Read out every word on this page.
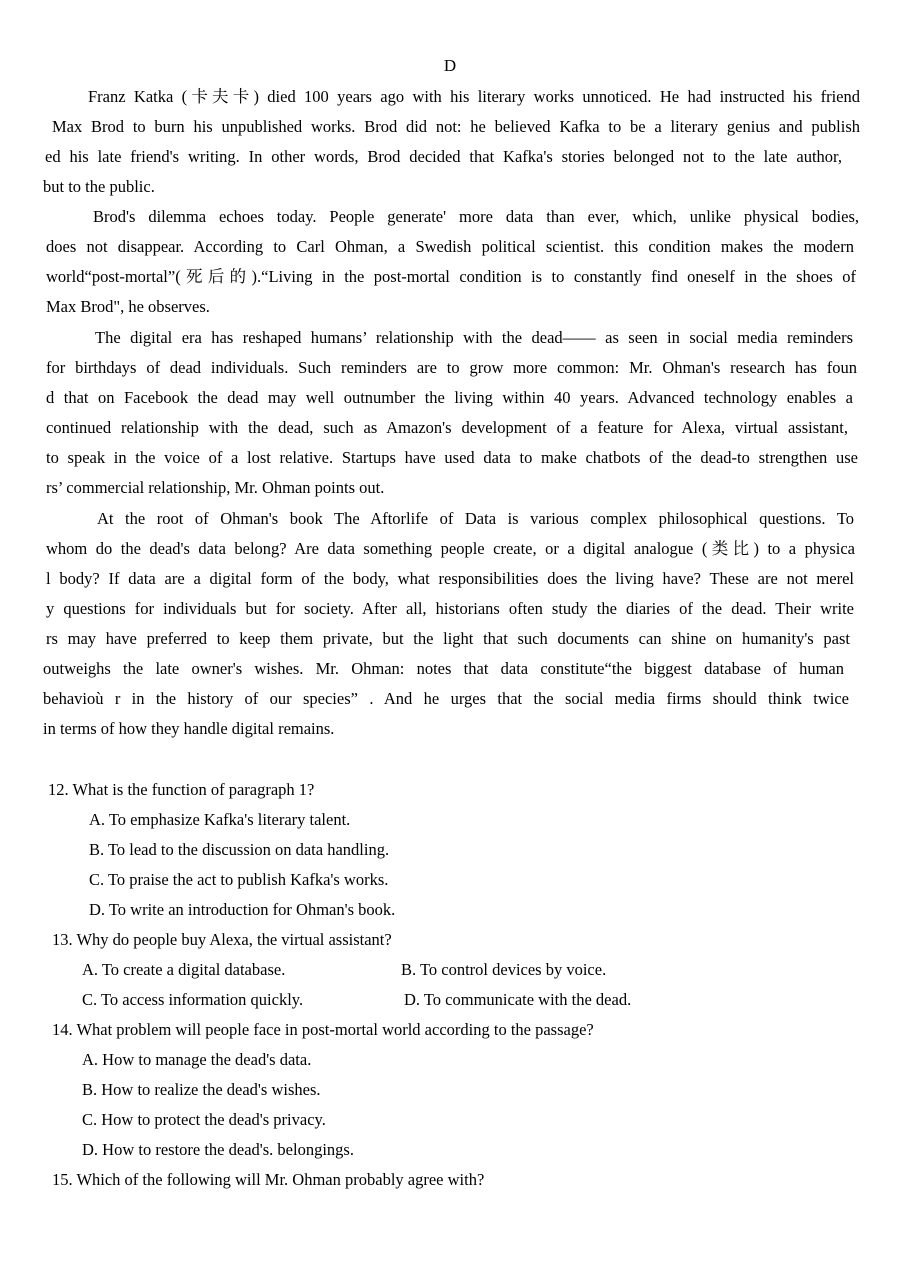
D
Franz Katka (卡夫卡) died 100 years ago with his literary works unnoticed. He had instructed his friend
Max Brod to burn his unpublished works. Brod did not: he believed Kafka to be a literary genius and publish
ed his late friend's writing. In other words, Brod decided that Kafka's stories belonged not to the late author,
but to the public.
Brod's dilemma echoes today. People generate' more data than ever, which, unlike physical bodies,
does not disappear. According to Carl Ohman, a Swedish political scientist. this condition makes the modern
world“post-mortal”(死后的).“Living in the post-mortal condition is to constantly find oneself in the shoes of
Max Brod", he observes.
The digital era has reshaped humans’ relationship with the dead—— as seen in social media reminders
for birthdays of dead individuals. Such reminders are to grow more common: Mr. Ohman's research has foun
d that on Facebook the dead may well outnumber the living within 40 years. Advanced technology enables a
continued relationship with the dead, such as Amazon's development of a feature for Alexa, virtual assistant,
to speak in the voice of a lost relative. Startups have used data to make chatbots of the dead-to strengthen use
rs’ commercial relationship, Mr. Ohman points out.
At the root of Ohman's book The Aftorlife of Data is various complex philosophical questions. To
whom do the dead's data belong? Are data something people create, or a digital analogue (类比) to a physica
l body? If data are a digital form of the body, what responsibilities does the living have? These are not merel
y questions for individuals but for society. After all, historians often study the diaries of the dead. Their write
rs may have preferred to keep them private, but the light that such documents can shine on humanity's past
outweighs the late owner's wishes. Mr. Ohman: notes that data constitute“the biggest database of human
behavioù r in the history of our species” . And he urges that the social media firms should think twice
in terms of how they handle digital remains.
12. What is the function of paragraph 1?
A. To emphasize Kafka's literary talent.
B. To lead to the discussion on data handling.
C. To praise the act to publish Kafka's works.
D. To write an introduction for Ohman's book.
13. Why do people buy Alexa, the virtual assistant?
A. To create a digital database.	B. To control devices by voice.
C. To access information quickly.	D. To communicate with the dead.
14. What problem will people face in post-mortal world according to the passage?
A. How to manage the dead's data.
B. How to realize the dead's wishes.
C. How to protect the dead's privacy.
D. How to restore the dead's. belongings.
15. Which of the following will Mr. Ohman probably agree with?
